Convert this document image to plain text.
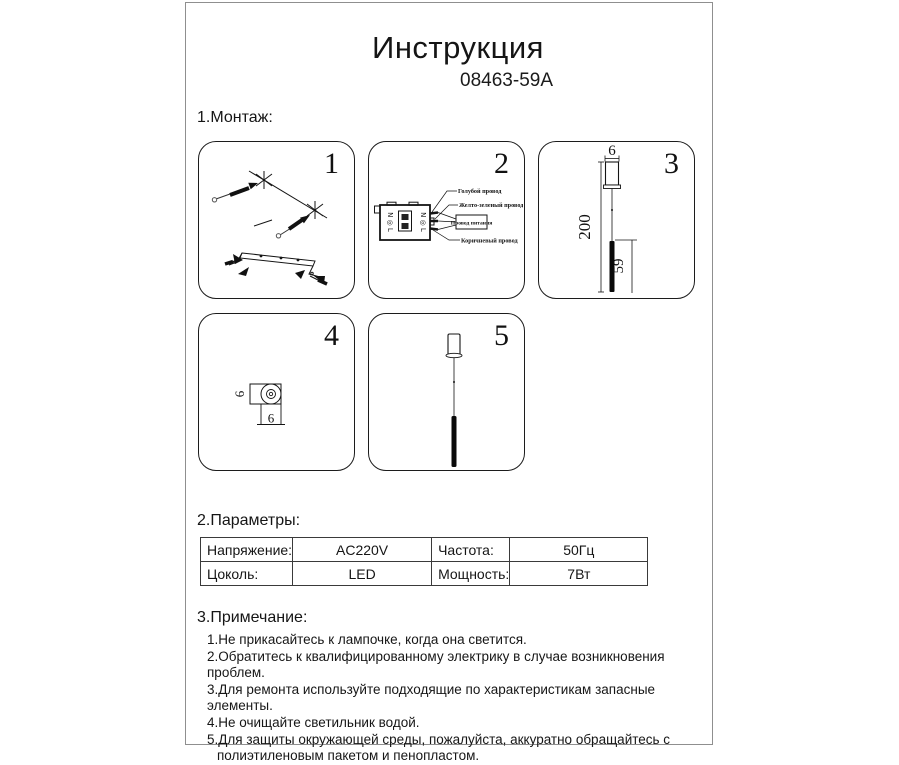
Инструкция
08463-59A
1.Монтаж:
1
N ◎ L	N ◎ L	Провод питания
Голубой провод
Желто-зеленый провод
Коричневый провод
2	6
200
59
3
6
6
4	5
2.Параметры:
Напряжение:	AC220V	Частота:	50Гц
Цоколь:	LED	Мощность:	7Вт
3.Примечание:
1.Не прикасайтесь к лампочке, когда она светится.
2.Обратитесь к квалифицированному электрику в случае возникновения проблем.
3.Для ремонта используйте подходящие по характеристикам запасные элементы.
4.Не очищайте светильник водой.
5.Для защиты окружающей среды, пожалуйста, аккуратно обращайтесь с
полиэтиленовым пакетом и пенопластом.
